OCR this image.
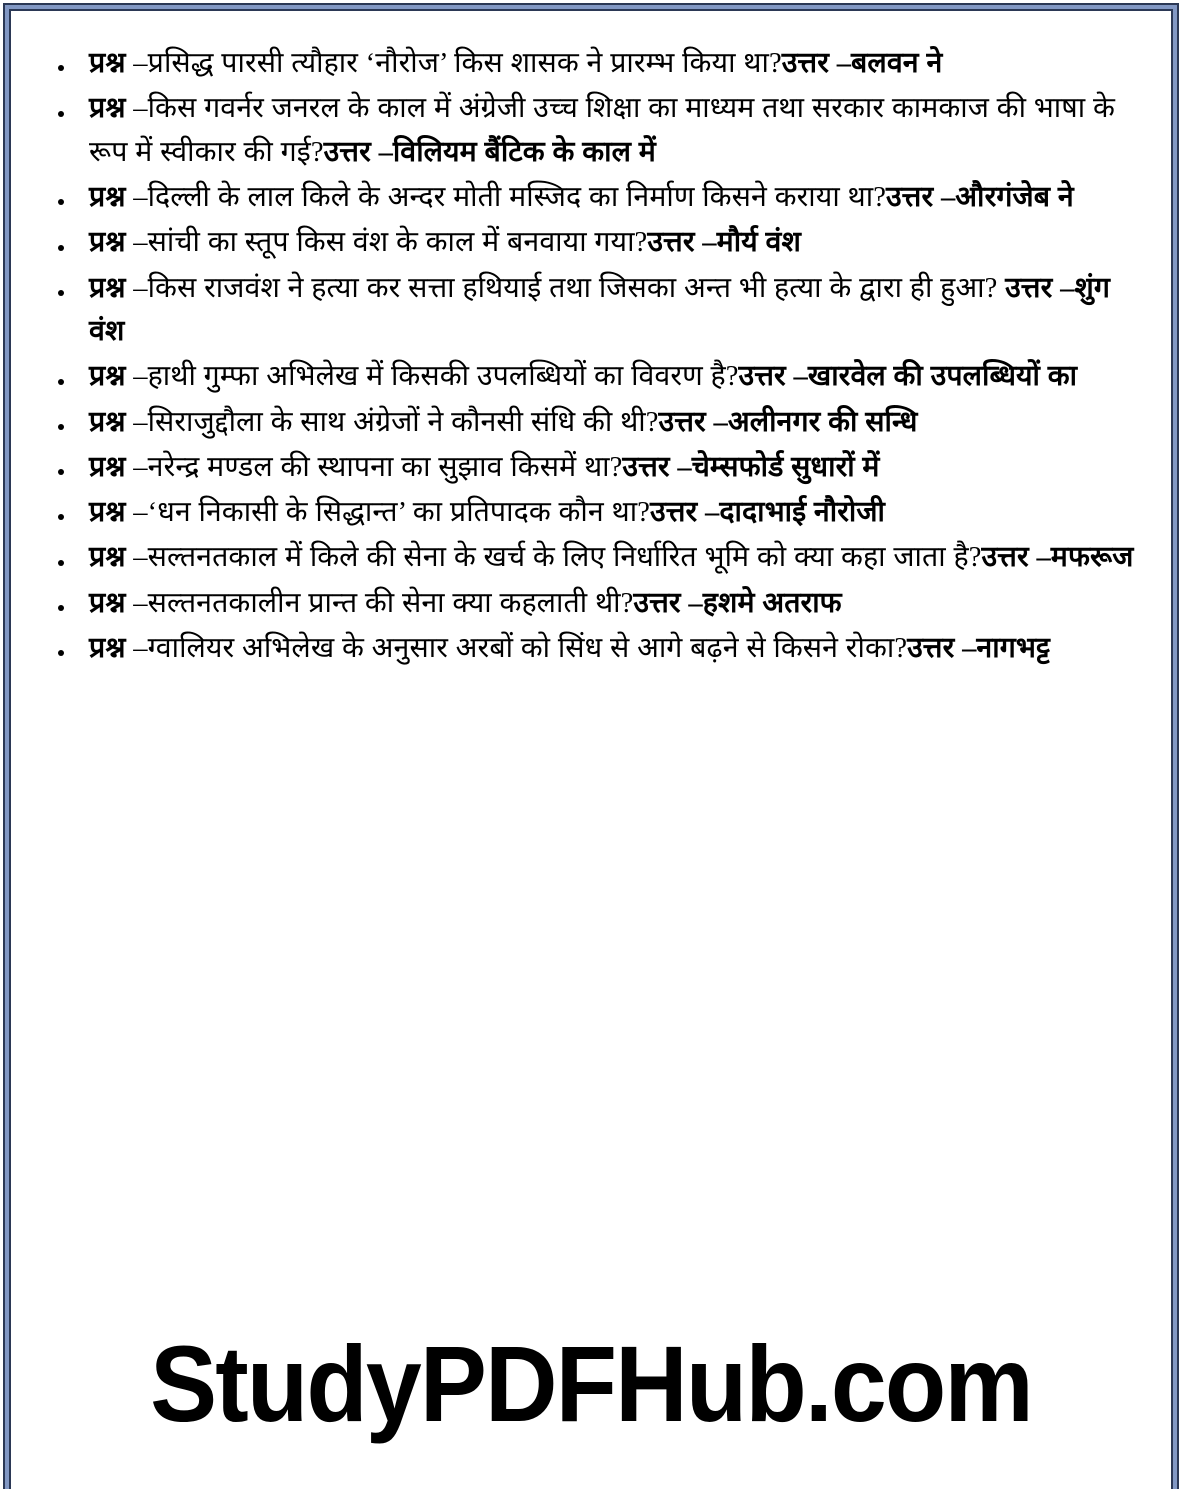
प्रश्न –प्रसिद्ध पारसी त्यौहार ‘नौरोज’ किस शासक ने प्रारम्भ किया था?उत्तर –बलवन ने
प्रश्न –किस गवर्नर जनरल के काल में अंग्रेजी उच्च शिक्षा का माध्यम तथा सरकार कामकाज की भाषा के रूप में स्वीकार की गई?उत्तर –विलियम बैंटिक के काल में
प्रश्न –दिल्ली के लाल किले के अन्दर मोती मस्जिद का निर्माण किसने कराया था?उत्तर –औरगंजेब ने
प्रश्न –सांची का स्तूप किस वंश के काल में बनवाया गया?उत्तर –मौर्य वंश
प्रश्न –किस राजवंश ने हत्या कर सत्ता हथियाई तथा जिसका अन्त भी हत्या के द्वारा ही हुआ? उत्तर –शुंग वंश
प्रश्न –हाथी गुम्फा अभिलेख में किसकी उपलब्धियों का विवरण है?उत्तर –खारवेल की उपलब्धियों का
प्रश्न –सिराजुद्दौला के साथ अंग्रेजों ने कौनसी संधि की थी?उत्तर –अलीनगर की सन्धि
प्रश्न –नरेन्द्र मण्डल की स्थापना का सुझाव किसमें था?उत्तर –चेम्सफोर्ड सुधारों में
प्रश्न –‘धन निकासी के सिद्धान्त’ का प्रतिपादक कौन था?उत्तर –दादाभाई नौरोजी
प्रश्न –सल्तनतकाल में किले की सेना के खर्च के लिए निर्धारित भूमि को क्या कहा जाता है?उत्तर –मफरूज
प्रश्न –सल्तनतकालीन प्रान्त की सेना क्या कहलाती थी?उत्तर –हशमे अतराफ
प्रश्न –ग्वालियर अभिलेख के अनुसार अरबों को सिंध से आगे बढ़ने से किसने रोका?उत्तर –नागभट्ट
StudyPDFHub.com
